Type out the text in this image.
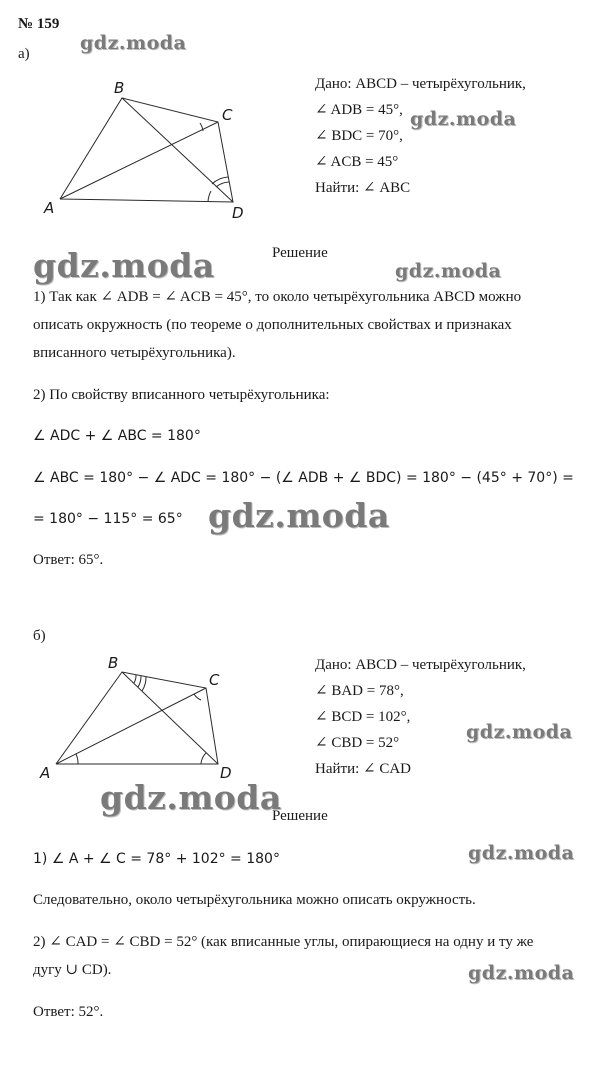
№ 159
а)
A
B
C
D
Дано: ABCD – четырёхугольник,
∠ ADB = 45°,
∠ BDC = 70°,
∠ ACB = 45°
Найти: ∠ ABC
Решение
1) Так как ∠ ADB = ∠ ACB = 45°, то около четырёхугольника ABCD можно
описать окружность (по теореме о дополнительных свойствах и признаках
вписанного четырёхугольника).
2) По свойству вписанного четырёхугольника:
∠ ADC + ∠ ABC = 180°
∠ ABC = 180° − ∠ ADC = 180° − (∠ ADB + ∠ BDC) = 180° − (45° + 70°) =
= 180° − 115° = 65°
Ответ: 65°.
б)
A
B
C
D
Дано: ABCD – четырёхугольник,
∠ BAD = 78°,
∠ BCD = 102°,
∠ CBD = 52°
Найти: ∠ CAD
Решение
1) ∠ A + ∠ C = 78° + 102° = 180°
Следовательно, около четырёхугольника можно описать окружность.
2) ∠ CAD = ∠ CBD = 52° (как вписанные углы, опирающиеся на одну и ту же
дугу ∪ CD).
Ответ: 52°.
gdz.moda
gdz.moda
gdz.moda	gdz.moda
gdz.moda
gdz.moda
gdz.moda
gdz.moda
gdz.moda
